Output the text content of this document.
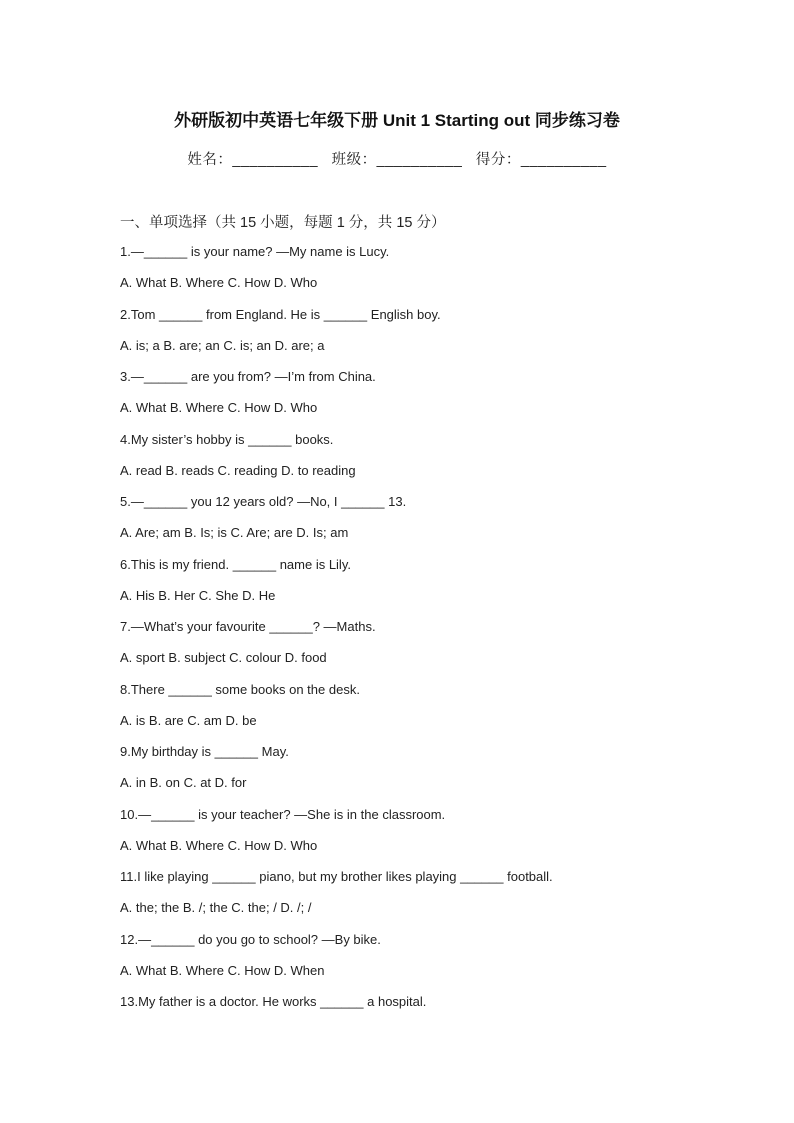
外研版初中英语七年级下册 Unit 1 Starting out 同步练习卷
姓名：__________ 班级：__________ 得分：__________
一、单项选择（共 15 小题，每题 1 分，共 15 分）
1.—______ is your name? —My name is Lucy.
A. What B. Where C. How D. Who
2.Tom ______ from England. He is ______ English boy.
A. is; a B. are; an C. is; an D. are; a
3.—______ are you from? —I’m from China.
A. What B. Where C. How D. Who
4.My sister’s hobby is ______ books.
A. read B. reads C. reading D. to reading
5.—______ you 12 years old? —No, I ______ 13.
A. Are; am B. Is; is C. Are; are D. Is; am
6.This is my friend. ______ name is Lily.
A. His B. Her C. She D. He
7.—What’s your favourite ______? —Maths.
A. sport B. subject C. colour D. food
8.There ______ some books on the desk.
A. is B. are C. am D. be
9.My birthday is ______ May.
A. in B. on C. at D. for
10.—______ is your teacher? —She is in the classroom.
A. What B. Where C. How D. Who
11.I like playing ______ piano, but my brother likes playing ______ football.
A. the; the B. /; the C. the; / D. /; /
12.—______ do you go to school? —By bike.
A. What B. Where C. How D. When
13.My father is a doctor. He works ______ a hospital.
